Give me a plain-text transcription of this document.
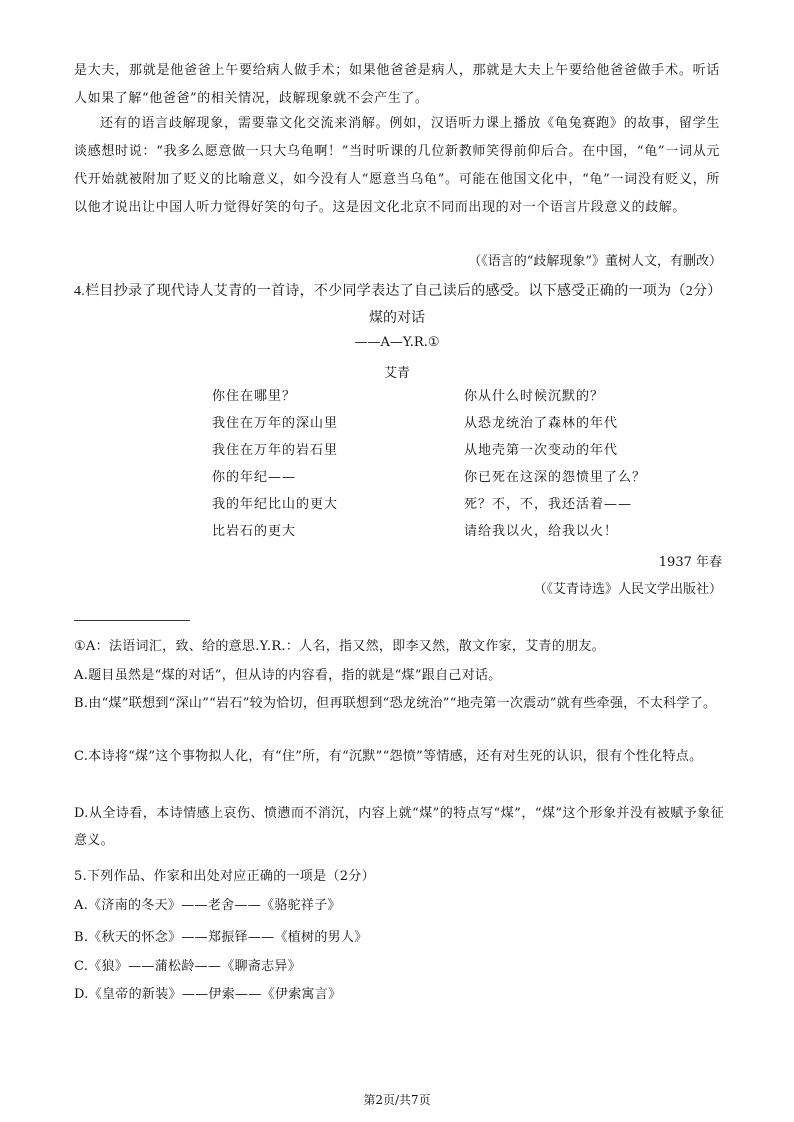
是大夫，那就是他爸爸上午要给病人做手术；如果他爸爸是病人，那就是大夫上午要给他爸爸做手术。听话人如果了解“他爸爸”的相关情况，歧解现象就不会产生了。
还有的语言歧解现象，需要靠文化交流来消解。例如，汉语听力课上播放《龟兔赛跑》的故事，留学生谈感想时说：“我多么愿意做一只大乌龟啊！”当时听课的几位新教师笑得前仰后合。在中国，“龟”一词从元代开始就被附加了贬义的比喻意义，如今没有人“愿意当乌龟”。可能在他国文化中，“龟”一词没有贬义，所以他才说出让中国人听力觉得好笑的句子。这是因文化北京不同而出现的对一个语言片段意义的歧解。
（《语言的“歧解现象”》董树人文，有删改）
4.栏目抄录了现代诗人艾青的一首诗，不少同学表达了自己读后的感受。以下感受正确的一项为（2分）
煤的对话
——A—Y.R.①
艾青
你住在哪里？
我住在万年的深山里
我住在万年的岩石里
你的年纪——
我的年纪比山的更大
比岩石的更大
你从什么时候沉默的？
从恐龙统治了森林的年代
从地壳第一次变动的年代
你已死在这深的怨愤里了么？
死？不，不，我还活着——
请给我以火，给我以火！
1937 年春
（《艾青诗选》人民文学出版社）
①A：法语词汇，致、给的意思.Y.R.：人名，指又然，即李又然，散文作家，艾青的朋友。
A.题目虽然是“煤的对话”，但从诗的内容看，指的就是“煤”跟自己对话。
B.由“煤”联想到“深山”“岩石”较为恰切，但再联想到“恐龙统治”“地壳第一次震动”就有些牵强，不太科学了。
C.本诗将“煤”这个事物拟人化，有“住”所，有“沉默”“怨愤”等情感，还有对生死的认识，很有个性化特点。
D.从全诗看，本诗情感上哀伤、愤懑而不消沉，内容上就“煤”的特点写“煤”，“煤”这个形象并没有被赋予象征意义。
5.下列作品、作家和出处对应正确的一项是（2分）
A.《济南的冬天》——老舍——《骆驼祥子》
B.《秋天的怀念》——郑振铎——《植树的男人》
C.《狼》——蒲松龄——《聊斋志异》
D.《皇帝的新装》——伊索——《伊索寓言》
第2页/共7页
